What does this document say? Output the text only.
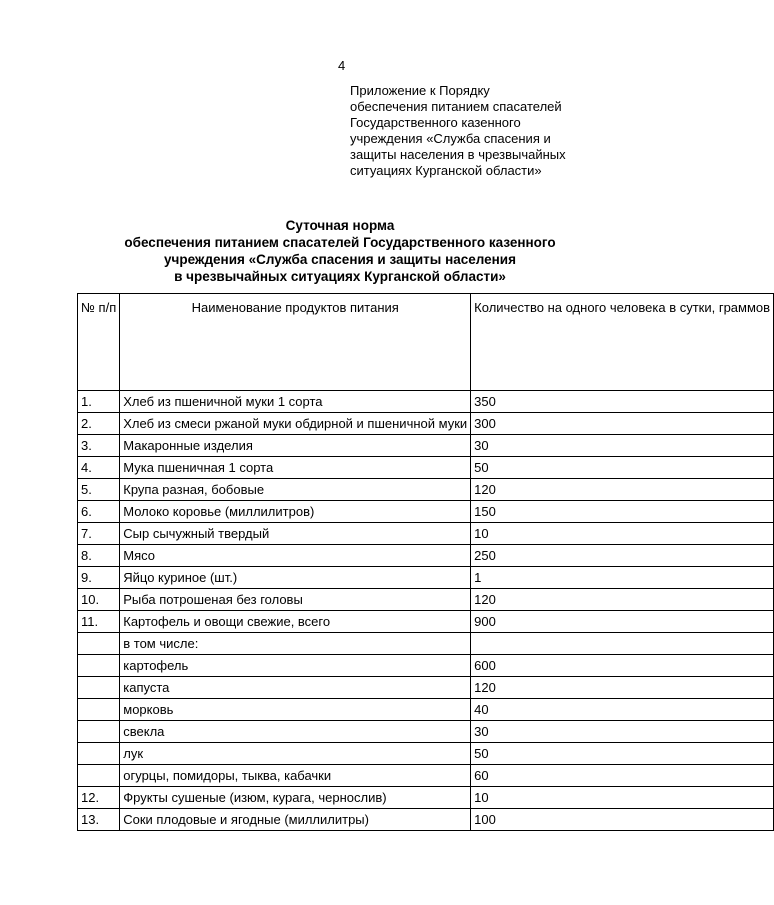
4
Приложение к Порядку
обеспечения питанием спасателей
Государственного казенного
учреждения «Служба спасения и
защиты населения в чрезвычайных
ситуациях Курганской области»
Суточная норма
обеспечения питанием спасателей Государственного казенного
учреждения «Служба спасения и защиты населения
в чрезвычайных ситуациях Курганской области»
№ п/п	Наименование продуктов питания	Количество на одного человека в сутки, граммов
1.	Хлеб из пшеничной муки 1 сорта	350
2.	Хлеб из смеси ржаной муки обдирной и пшеничной муки	300
3.	Макаронные изделия	30
4.	Мука пшеничная 1 сорта	50
5.	Крупа разная, бобовые	120
6.	Молоко коровье (миллилитров)	150
7.	Сыр сычужный твердый	10
8.	Мясо	250
9.	Яйцо куриное (шт.)	1
10.	Рыба потрошеная без головы	120
11.	Картофель и овощи свежие, всего	900
	в том числе:	
	картофель	600
	капуста	120
	морковь	40
	свекла	30
	лук	50
	огурцы, помидоры, тыква, кабачки	60
12.	Фрукты сушеные (изюм, курага, чернослив)	10
13.	Соки плодовые и ягодные (миллилитры)	100
